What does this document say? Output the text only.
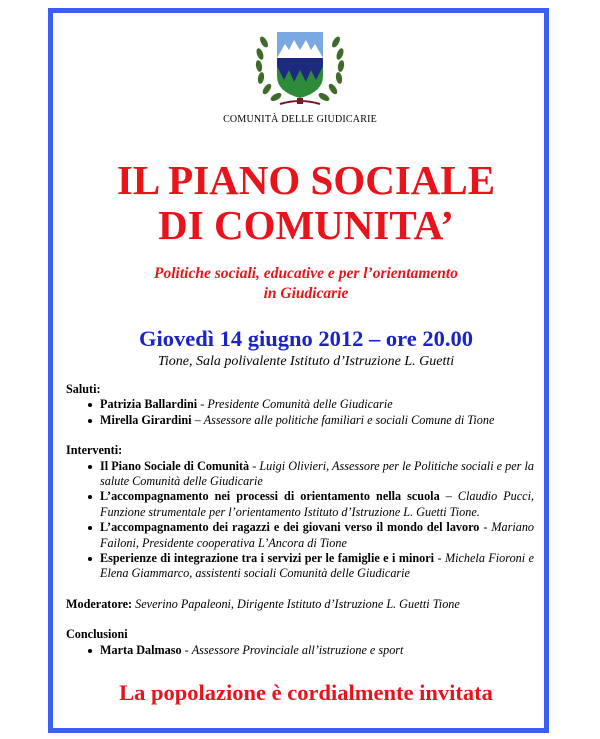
COMUNITÀ DELLE GIUDICARIE
IL PIANO SOCIALE
DI COMUNITA’
Politiche sociali, educative e per l’orientamento
in Giudicarie
Giovedì 14 giugno 2012 – ore 20.00
Tione, Sala polivalente Istituto d’Istruzione L. Guetti

Saluti:

Patrizia Ballardini - Presidente Comunità delle Giudicarie
Mirella Girardini – Assessore alle politiche familiari e sociali Comune di Tione

Interventi:

Il Piano Sociale di Comunità - Luigi Olivieri, Assessore per le Politiche sociali e per la salute Comunità delle Giudicarie
L’accompagnamento nei processi di orientamento nella scuola – Claudio Pucci, Funzione strumentale per l’orientamento Istituto d’Istruzione L. Guetti Tione.
L’accompagnamento dei ragazzi e dei giovani verso il mondo del lavoro - Mariano Failoni, Presidente cooperativa L’Ancora di Tione
Esperienze di integrazione tra i servizi per le famiglie e i minori - Michela Fioroni e Elena Giammarco, assistenti sociali Comunità delle Giudicarie

Moderatore: Severino Papaleoni, Dirigente Istituto d’Istruzione L. Guetti Tione

Conclusioni

Marta Dalmaso - Assessore Provinciale all’istruzione e sport
La popolazione è cordialmente invitata
